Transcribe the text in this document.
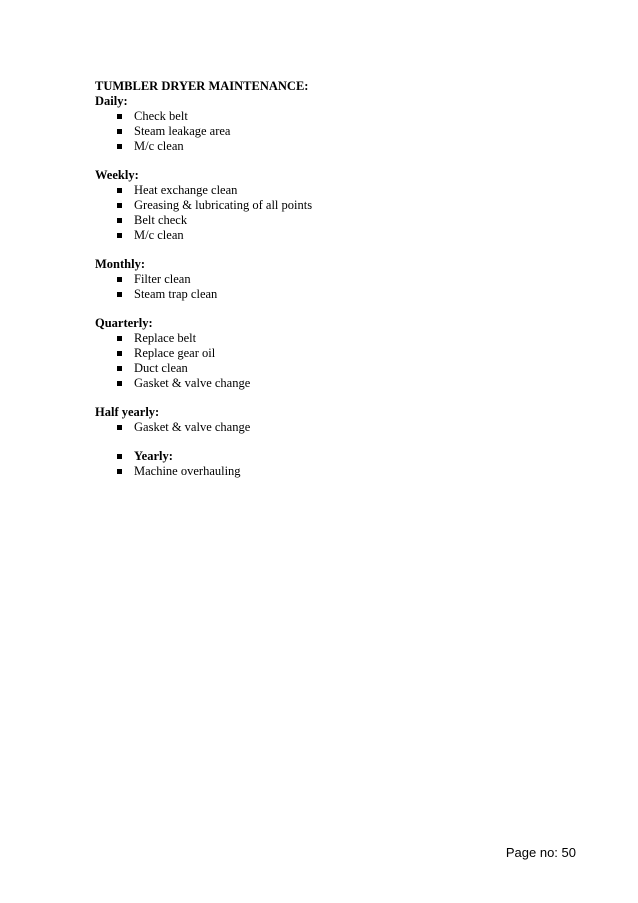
TUMBLER DRYER MAINTENANCE:
Daily:
Check belt
Steam leakage area
M/c clean
Weekly:
Heat exchange clean
Greasing & lubricating of all points
Belt check
M/c clean
Monthly:
Filter clean
Steam trap clean
Quarterly:
Replace belt
Replace gear oil
Duct clean
Gasket & valve change
Half yearly:
Gasket & valve change
Yearly:
Machine overhauling
Page no: 50
